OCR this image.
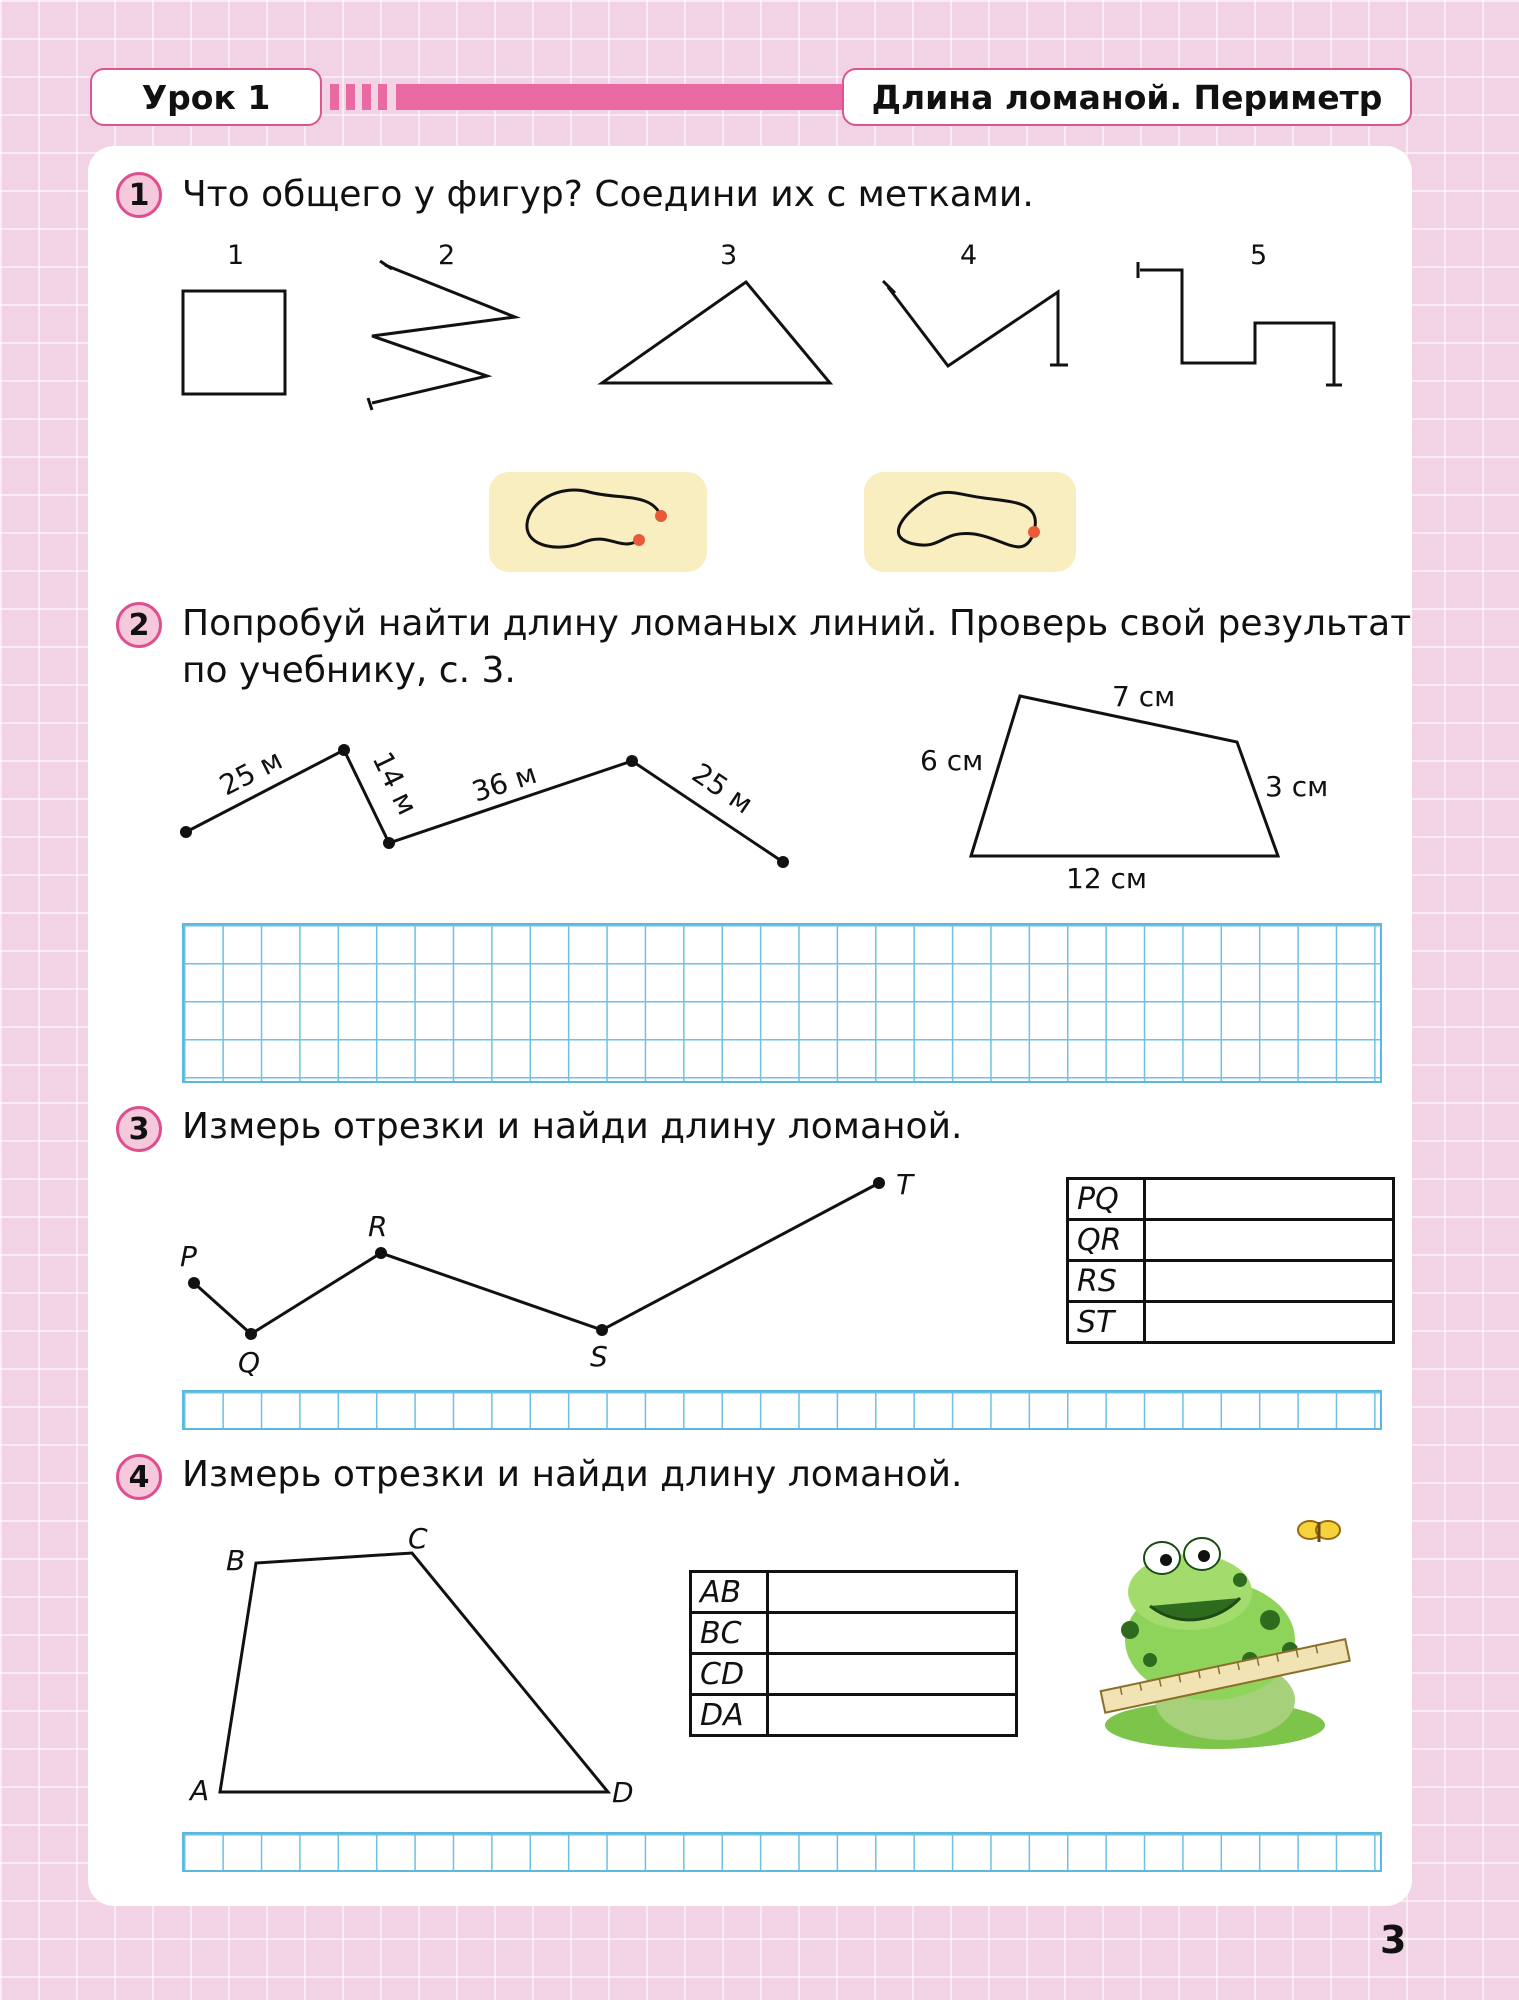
Урок 1	Длина ломаной. Периметр
1 Что общего у фигур? Соедини их с метками.
1	2	3	4	5
2 Попробуй найти длину ломаных линий. Проверь свой результат
по учебнику, с. 3.
25 м	14 м 36 м	25 м
7 см
6 см
3 см
12 см
3 Измерь отрезки и найди длину ломаной.
P
Q
R
S
T	PQ	
QR	
RS	
ST	
4 Измерь отрезки и найди длину ломаной.
A
B
C
D
AB	
BC	
CD	
DA	
3
